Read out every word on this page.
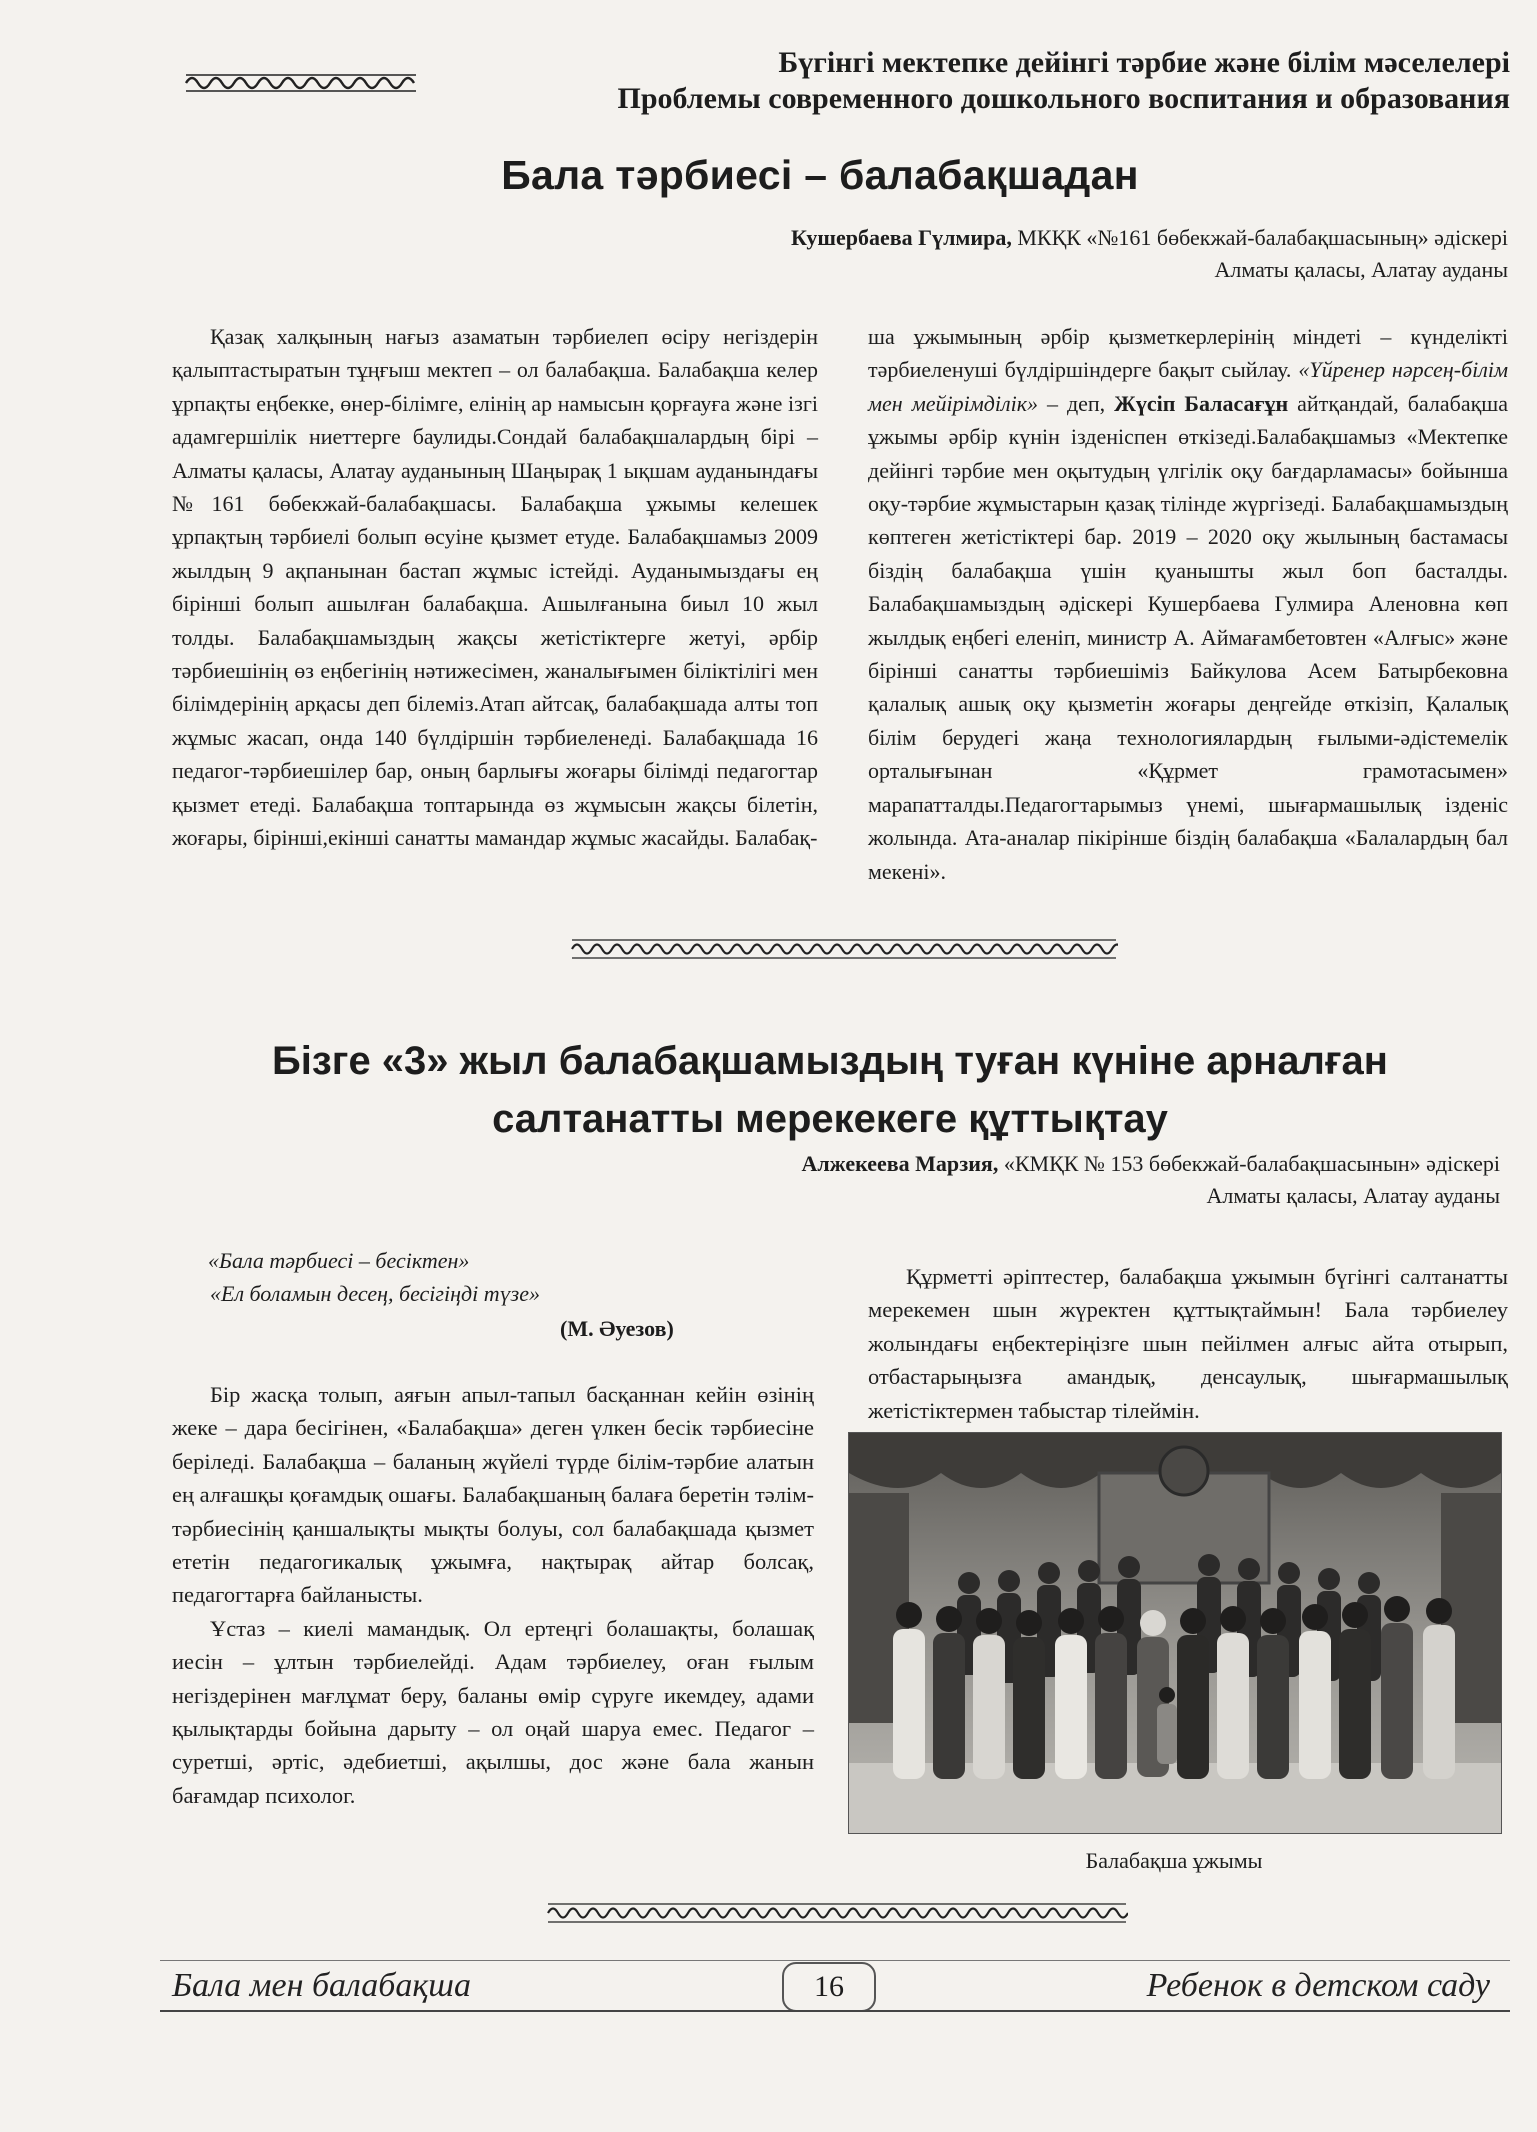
Бүгінгі мектепке дейінгі тәрбие және білім мәселелері
Проблемы современного дошкольного воспитания и образования
Бала тәрбиесі – балабақшадан
Кушербаева Гүлмира, МКҚК «№161 бөбекжай-балабақшасының» әдіскері
Алматы қаласы, Алатау ауданы

Қазақ халқының нағыз азаматын тәрбиелеп өсіру негіздерін қалыптастыратын тұңғыш мектеп – ол балабақша. Балабақша келер ұрпақты еңбекке, өнер-білімге, елінің ар намысын қорғауға және ізгі адамгершілік ниеттерге баулиды.Сондай балабақшалардың бірі – Алматы қаласы, Алатау ауданының Шаңырақ 1 ықшам ауданындағы №161 бөбекжай-балабақшасы. Балабақша ұжымы келешек ұрпақтың тәрбиелі болып өсуіне қызмет етуде. Балабақшамыз 2009 жылдың 9 ақпанынан бастап жұмыс істейді. Ауданымыздағы ең бірінші болып ашылған балабақша. Ашылғанына биыл 10 жыл толды. Балабақшамыздың жақсы жетістіктерге жетуі, әрбір тәрбиешінің өз еңбегінің нәтижесімен, жаналығымен біліктілігі мен білімдерінің арқасы деп білеміз.Атап айтсақ, балабақшада алты топ жұмыс жасап, онда 140 бүлдіршін тәрбиеленеді. Балабақшада 16 педагог-тәрбиешілер бар, оның барлығы жоғары білімді педагогтар қызмет етеді. Балабақша топтарында өз жұмысын жақсы білетін, жоғары, бірінші,екінші санатты мамандар жұмыс жасайды. Балабақ-

ша ұжымының әрбір қызметкерлерінің міндеті – күнделікті тәрбиеленуші бүлдіршіндерге бақыт сыйлау. «Үйренер нәрсең-білім мен мейірімділік» – деп, Жүсіп Баласағұн айтқандай, балабақша ұжымы әрбір күнін ізденіспен өткізеді.Балабақшамыз «Мектепке дейінгі тәрбие мен оқытудың үлгілік оқу бағдарламасы» бойынша оқу-тәрбие жұмыстарын қазақ тілінде жүргізеді. Балабақшамыздың көптеген жетістіктері бар. 2019 – 2020 оқу жылының бастамасы біздің балабақша үшін қуанышты жыл боп басталды. Балабақшамыздың әдіскері Кушербаева Гулмира Аленовна көп жылдық еңбегі еленіп, министр А. Аймағамбетовтен «Алғыс» және бірінші санатты тәрбиешіміз Байкулова Асем Батырбековна қалалық ашық оқу қызметін жоғары деңгейде өткізіп, Қалалық білім берудегі жаңа технологиялардың ғылыми-әдістемелік орталығынан «Құрмет грамотасымен» марапатталды.Педагогтарымыз үнемі, шығармашылық ізденіс жолында. Ата-аналар пікірінше біздің балабақша «Балалардың бал мекені».

Бізге «3» жыл балабақшамыздың туған күніне арналған
салтанатты мерекекеге құттықтау
Алжекеева Марзия, «КМҚК № 153 бөбекжай-балабақшасынын» әдіскері
Алматы қаласы, Алатау ауданы
«Бала тәрбиесі – бесіктен»
«Ел боламын десең, бесігіңді түзе»
(М. Әуезов)

Бір жасқа толып, аяғын апыл-тапыл басқаннан кейін өзінің жеке – дара бесігінен, «Балабақша» деген үлкен бесік тәрбиесіне беріледі. Балабақша – баланың жүйелі түрде білім-тәрбие алатын ең алғашқы қоғамдық ошағы. Балабақшаның балаға беретін тәлім-тәрбиесінің қаншалықты мықты болуы, сол балабақшада қызмет ететін педагогикалық ұжымға, нақтырақ айтар болсақ, педагогтарға байланысты.

Ұстаз – киелі мамандық. Ол ертеңгі болашақты, болашақ иесін – ұлтын тәрбиелейді. Адам тәрбиелеу, оған ғылым негіздерінен мағлұмат беру, баланы өмір сүруге икемдеу, адами қылықтарды бойына дарыту – ол оңай шаруа емес. Педагог – суретші, әртіс, әдебиетші, ақылшы, дос және бала жанын бағамдар психолог.

Құрметті әріптестер, балабақша ұжымын бүгінгі салтанатты мерекемен шын жүректен құттықтаймын! Бала тәрбиелеу жолындағы еңбектеріңізге шын пейілмен алғыс айта отырып, отбастарыңызға амандық, денсаулық, шығармашылық жетістіктермен табыстар тілеймін.

Балабақша ұжымы
Бала мен балабақша	16	Ребенок в детском саду
